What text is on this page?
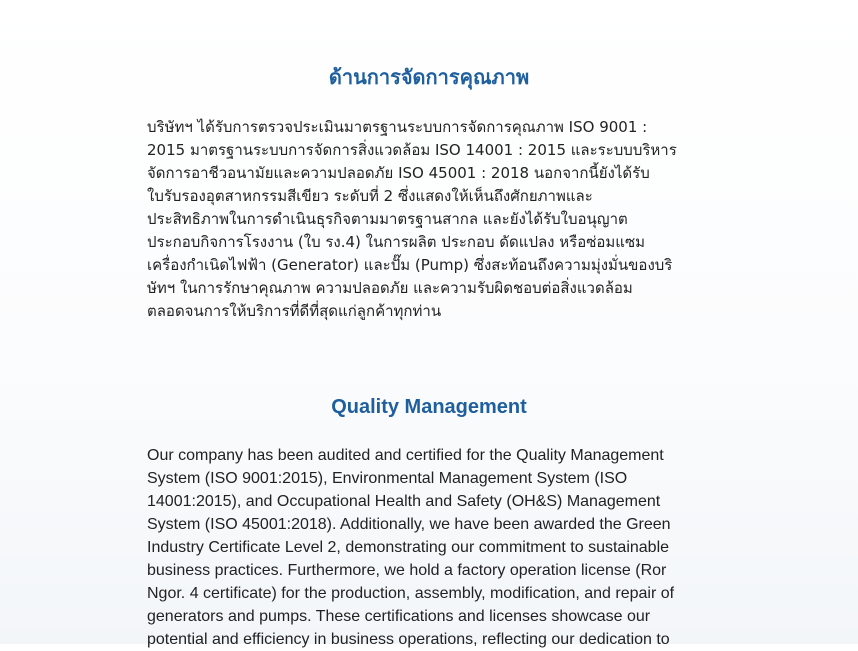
ด้านการจัดการคุณภาพ

บริษัทฯ ได้รับการตรวจประเมินมาตรฐานระบบการจัดการคุณภาพ ISO 9001 :
2015 มาตรฐานระบบการจัดการสิ่งแวดล้อม ISO 14001 : 2015 และระบบบริหาร
จัดการอาชีวอนามัยและความปลอดภัย ISO 45001 : 2018 นอกจากนี้ยังได้รับ
ใบรับรองอุตสาหกรรมสีเขียว ระดับที่ 2 ซึ่งแสดงให้เห็นถึงศักยภาพและ
ประสิทธิภาพในการดำเนินธุรกิจตามมาตรฐานสากล และยังได้รับใบอนุญาต
ประกอบกิจการโรงงาน (ใบ รง.4) ในการผลิต ประกอบ ดัดแปลง หรือซ่อมแซม
เครื่องกำเนิดไฟฟ้า (Generator) และปั๊ม (Pump) ซึ่งสะท้อนถึงความมุ่งมั่นของบริ
ษัทฯ ในการรักษาคุณภาพ ความปลอดภัย และความรับผิดชอบต่อสิ่งแวดล้อม
ตลอดจนการให้บริการที่ดีที่สุดแก่ลูกค้าทุกท่าน

Quality Management

Our company has been audited and certified for the Quality Management
System (ISO 9001:2015), Environmental Management System (ISO
14001:2015), and Occupational Health and Safety (OH&S) Management
System (ISO 45001:2018). Additionally, we have been awarded the Green
Industry Certificate Level 2, demonstrating our commitment to sustainable
business practices. Furthermore, we hold a factory operation license (Ror
Ngor. 4 certificate) for the production, assembly, modification, and repair of
generators and pumps. These certifications and licenses showcase our
potential and efficiency in business operations, reflecting our dedication to
